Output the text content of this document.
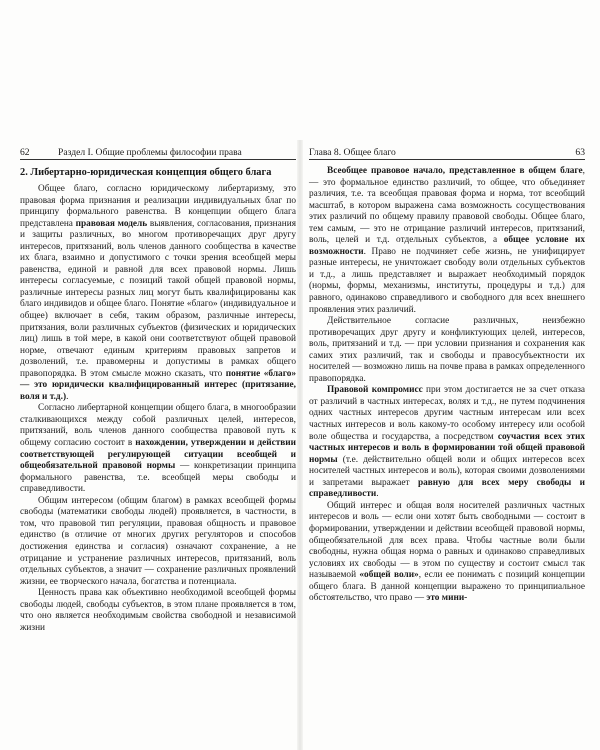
62	Раздел I. Общие проблемы философии права
2. Либертарно-юридическая концепция общего блага

Общее благо, согласно юридическому либертаризму, это правовая форма признания и реализации индивидуальных благ по принципу формального равенства. В концепции общего блага представлена правовая модель выявления, согласования, признания и защиты различных, во многом противоречащих друг другу интересов, притязаний, воль членов данного сообщества в качестве их блага, взаимно и допустимого с точки зрения всеобщей меры равенства, единой и равной для всех правовой нормы. Лишь интересы согласуемые, с позиций такой общей правовой нормы, различные интересы разных лиц могут быть квалифицированы как благо индивидов и общее благо. Понятие «благо» (индивидуальное и общее) включает в себя, таким образом, различные интересы, притязания, воли различных субъектов (физических и юридических лиц) лишь в той мере, в какой они соответствуют общей правовой норме, отвечают единым критериям правовых запретов и дозволений, т.е. правомерны и допустимы в рамках общего правопорядка. В этом смысле можно сказать, что понятие «благо» — это юридически квалифицированный интерес (притязание, воля и т.д.).

Согласно либертарной концепции общего блага, в многообразии сталкивающихся между собой различных целей, интересов, притязаний, воль членов данного сообщества правовой путь к общему согласию состоит в нахождении, утверждении и действии соответствующей регулирующей ситуации всеобщей и общеобязательной правовой нормы — конкретизации принципа формального равенства, т.е. всеобщей меры свободы и справедливости.

Общим интересом (общим благом) в рамках всеобщей формы свободы (математики свободы людей) проявляется, в частности, в том, что правовой тип регуляции, правовая общность и правовое единство (в отличие от многих других регуляторов и способов достижения единства и согласия) означают сохранение, а не отрицание и устранение различных интересов, притязаний, воль отдельных субъектов, а значит — сохранение различных проявлений жизни, ее творческого начала, богатства и потенциала.

Ценность права как объективно необходимой всеобщей формы свободы людей, свободы субъектов, в этом плане проявляется в том, что оно является необходимым свойства свободной и независимой жизни

Глава 8. Общее благо	63

Всеобщее правовое начало, представленное в общем благе, — это формальное единство различий, то общее, что объединяет различия, т.е. та всеобщая правовая форма и норма, тот всеобщий масштаб, в котором выражена сама возможность сосуществования этих различий по общему правилу правовой свободы. Общее благо, тем самым, — это не отрицание различий интересов, притязаний, воль, целей и т.д. отдельных субъектов, а общее условие их возможности. Право не подчиняет себе жизнь, не унифицирует разные интересы, не уничтожает свободу воли отдельных субъектов и т.д., а лишь представляет и выражает необходимый порядок (нормы, формы, механизмы, институты, процедуры и т.д.) для равного, одинаково справедливого и свободного для всех внешнего проявления этих различий.

Действительное согласие различных, неизбежно противоречащих друг другу и конфликтующих целей, интересов, воль, притязаний и т.д. — при условии признания и сохранения как самих этих различий, так и свободы и правосубъектности их носителей — возможно лишь на почве права в рамках определенного правопорядка.

Правовой компромисс при этом достигается не за счет отказа от различий в частных интересах, волях и т.д., не путем подчинения одних частных интересов другим частным интересам или всех частных интересов и воль какому-то особому интересу или особой воле общества и государства, а посредством соучастия всех этих частных интересов и воль в формировании той общей правовой нормы (т.е. действительно общей воли и общих интересов всех носителей частных интересов и воль), которая своими дозволениями и запретами выражает равную для всех меру свободы и справедливости.

Общий интерес и общая воля носителей различных частных интересов и воль — если они хотят быть свободными — состоит в формировании, утверждении и действии всеобщей правовой нормы, общеобязательной для всех права. Чтобы частные воли были свободны, нужна общая норма о равных и одинаково справедливых условиях их свободы — в этом по существу и состоит смысл так называемой «общей воли», если ее понимать с позиций концепции общего блага. В данной концепции выражено то принципиальное обстоятельство, что право — это мини-
